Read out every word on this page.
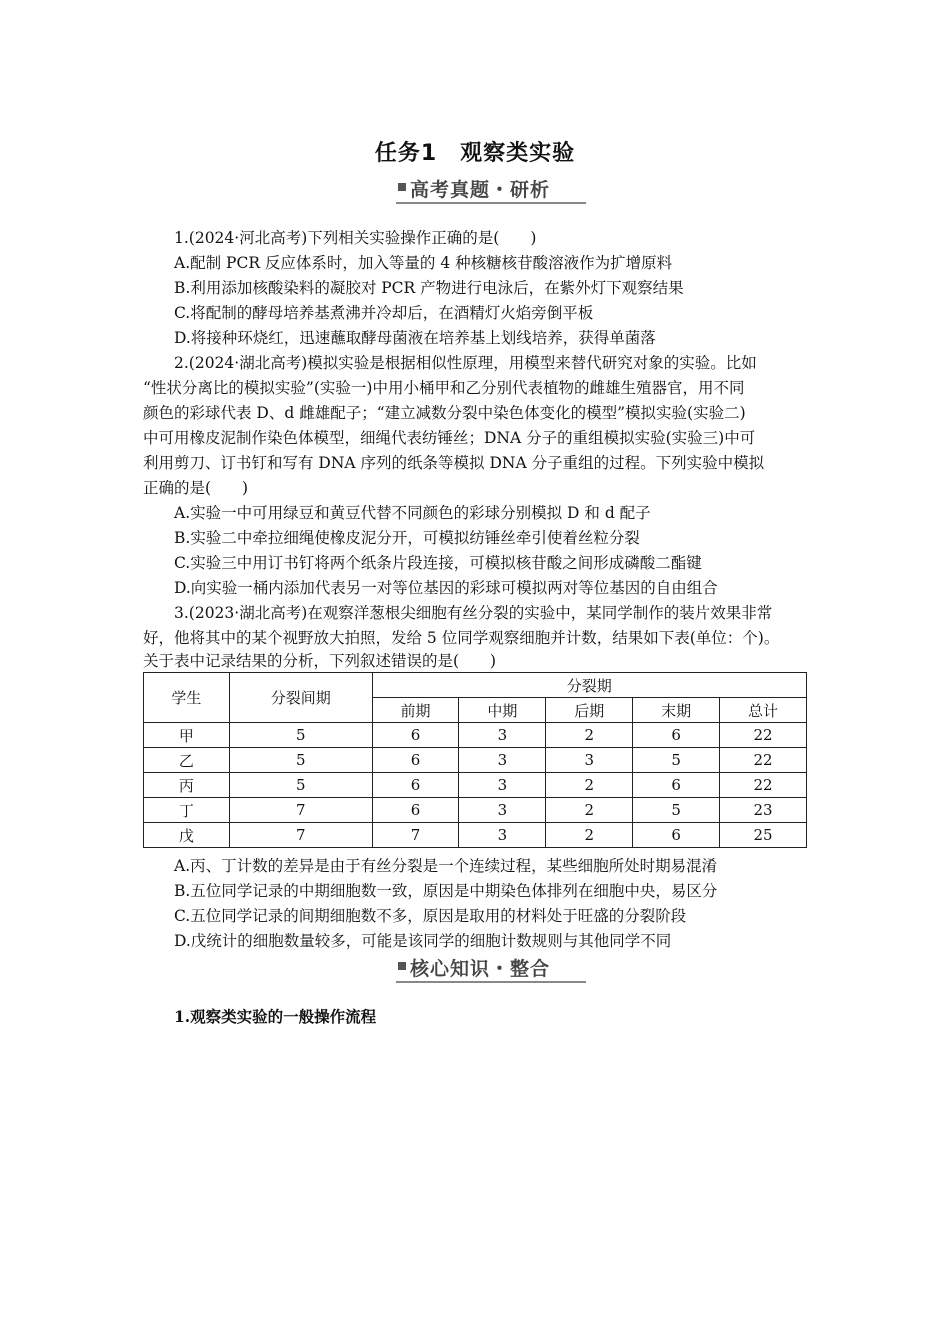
任务1　观察类实验
高考真题・研析
1.(2024·河北高考)下列相关实验操作正确的是(　　)
A.配制 PCR 反应体系时，加入等量的 4 种核糖核苷酸溶液作为扩增原料
B.利用添加核酸染料的凝胶对 PCR 产物进行电泳后，在紫外灯下观察结果
C.将配制的酵母培养基煮沸并冷却后，在酒精灯火焰旁倒平板
D.将接种环烧红，迅速蘸取酵母菌液在培养基上划线培养，获得单菌落
2.(2024·湖北高考)模拟实验是根据相似性原理，用模型来替代研究对象的实验。比如
“性状分离比的模拟实验”(实验一)中用小桶甲和乙分别代表植物的雌雄生殖器官，用不同
颜色的彩球代表 D、d 雌雄配子；“建立减数分裂中染色体变化的模型”模拟实验(实验二)
中可用橡皮泥制作染色体模型，细绳代表纺锤丝；DNA 分子的重组模拟实验(实验三)中可
利用剪刀、订书钉和写有 DNA 序列的纸条等模拟 DNA 分子重组的过程。下列实验中模拟
正确的是(　　)
A.实验一中可用绿豆和黄豆代替不同颜色的彩球分别模拟 D 和 d 配子
B.实验二中牵拉细绳使橡皮泥分开，可模拟纺锤丝牵引使着丝粒分裂
C.实验三中用订书钉将两个纸条片段连接，可模拟核苷酸之间形成磷酸二酯键
D.向实验一桶内添加代表另一对等位基因的彩球可模拟两对等位基因的自由组合
3.(2023·湖北高考)在观察洋葱根尖细胞有丝分裂的实验中，某同学制作的装片效果非常
好，他将其中的某个视野放大拍照，发给 5 位同学观察细胞并计数，结果如下表(单位：个)。
关于表中记录结果的分析，下列叙述错误的是(　　)
学生	分裂间期	分裂期				
		前期	中期	后期	末期	总计
甲	5	6	3	2	6	22
乙	5	6	3	3	5	22
丙	5	6	3	2	6	22
丁	7	6	3	2	5	23
戊	7	7	3	2	6	25
A.丙、丁计数的差异是由于有丝分裂是一个连续过程，某些细胞所处时期易混淆
B.五位同学记录的中期细胞数一致，原因是中期染色体排列在细胞中央，易区分
C.五位同学记录的间期细胞数不多，原因是取用的材料处于旺盛的分裂阶段
D.戊统计的细胞数量较多，可能是该同学的细胞计数规则与其他同学不同
核心知识・整合
1.观察类实验的一般操作流程
